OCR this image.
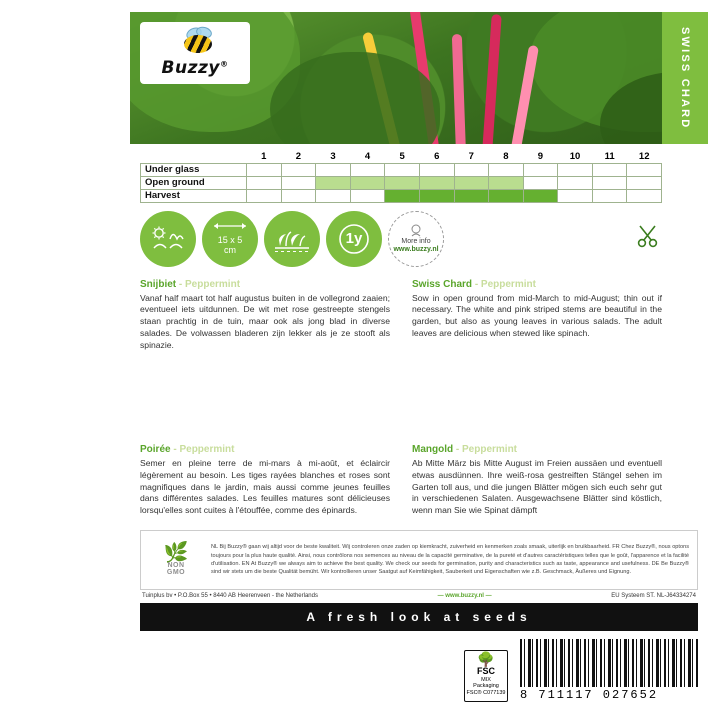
Buzzy®	SWISS CHARD
	1	2	3	4	5	6	7	8	9	10	11	12
Under glass												
Open ground												
Harvest												
15 x 5
cm
1y	More info
www.buzzy.nl
Snijbiet - Peppermint
Vanaf half maart tot half augustus buiten in de vollegrond zaaien; eventueel iets uitdunnen. De wit met rose gestreepte stengels staan prachtig in de tuin, maar ook als jong blad in diverse salades. De volwassen bladeren zijn lekker als je ze stooft als spinazie.
Swiss Chard - Peppermint
Sow in open ground from mid-March to mid-August; thin out if necessary. The white and pink striped stems are beautiful in the garden, but also as young leaves in various salads. The adult leaves are delicious when stewed like spinach.
Poirée - Peppermint
Semer en pleine terre de mi-mars à mi-août, et éclaircir légèrement au besoin. Les tiges rayées blanches et roses sont magnifiques dans le jardin, mais aussi comme jeunes feuilles dans différentes salades. Les feuilles matures sont délicieuses lorsqu'elles sont cuites à l'étouffée, comme des épinards.
Mangold - Peppermint
Ab Mitte März bis Mitte August im Freien aussäen und eventuell etwas ausdünnen. Ihre weiß-rosa gestreiften Stängel sehen im Garten toll aus, und die jungen Blätter mögen sich euch sehr gut in verschiedenen Salaten. Ausgewachsene Blätter sind köstlich, wenn man Sie wie Spinat dämpft
🌿
NON
GMO
NL Bij Buzzy® gaan wij altijd voor de beste kwaliteit. Wij controleren onze zaden op kiemkracht, zuiverheid en kenmerken zoals smaak, uiterlijk en bruikbaarheid. FR Chez Buzzy®, nous optons toujours pour la plus haute qualité. Ainsi, nous contrôlons nos semences au niveau de la capacité germinative, de la pureté et d'autres caractéristiques telles que le goût, l'apparence et la facilité d'utilisation. EN At Buzzy® we always aim to achieve the best quality. We check our seeds for germination, purity and characteristics such as taste, appearance and usefulness. DE Be Buzzy® sind wir stets um die beste Qualität bemüht. Wir kontrollieren unser Saatgut auf Keimfähigkeit, Sauberkeit und Eigenschaften wie z.B. Geschmack, Äußeres und Eignung.
Tuinplus bv • P.O.Box 55 • 8440 AB Heerenveen - the Netherlands	— www.buzzy.nl —	EU Systeem ST. NL-J64334274
A fresh look at seeds
🌳
FSC
MIX
Packaging
FSC® C077139 8 711117 027652
